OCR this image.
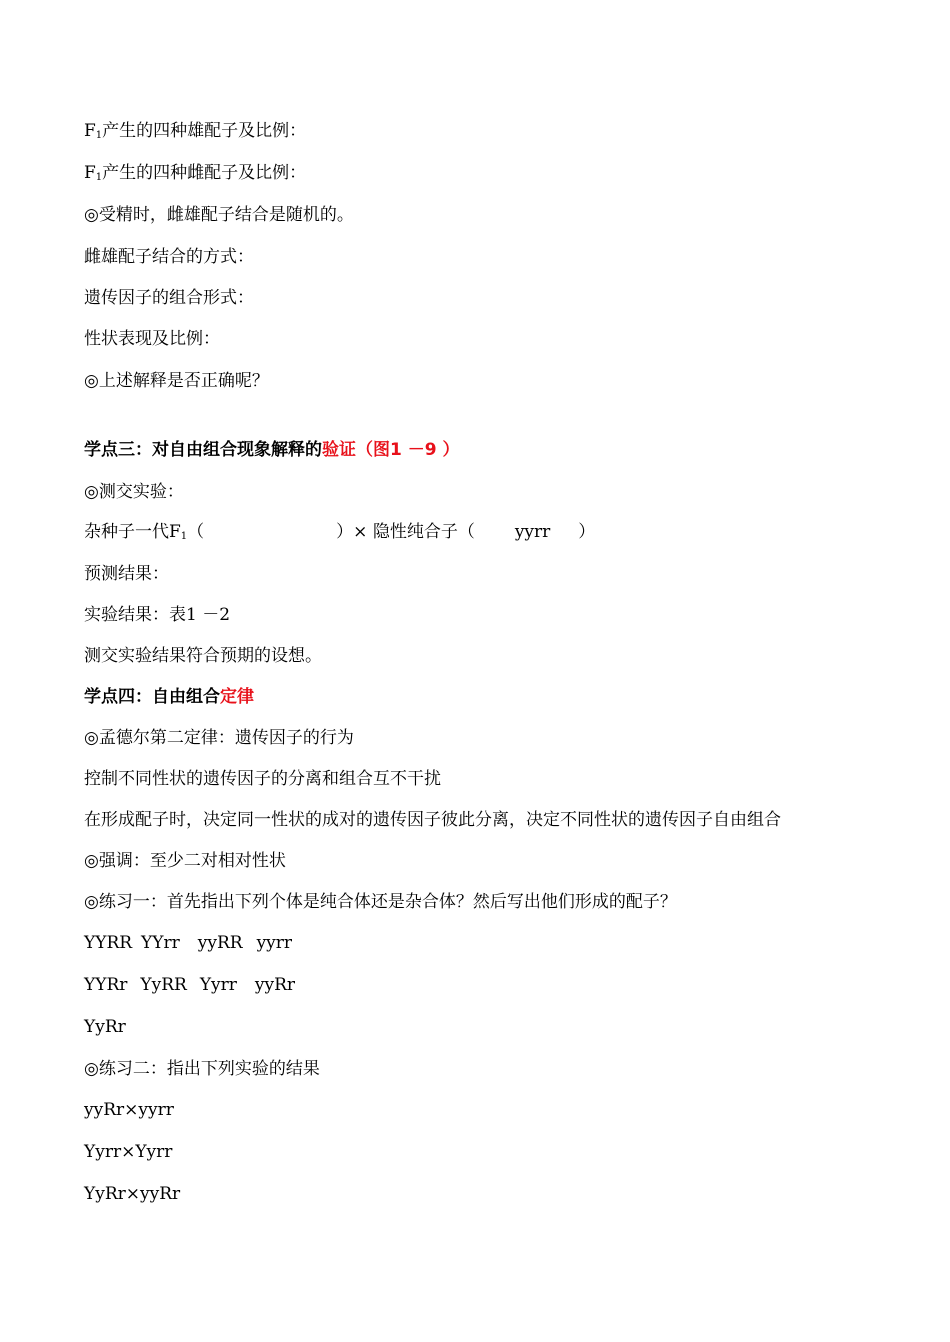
$F_1$产生的四种雄配子及比例：
$F_1$产生的四种雌配子及比例：
◎受精时，雌雄配子结合是随机的。
雌雄配子结合的方式：
遗传因子的组合形式：
性状表现及比例：
◎上述解释是否正确呢？
学点三：对自由组合现象解释的验证（图1 －9 ）
◎测交实验：
杂种子一代$F_1$（	）× 隐性纯合子（ yyrr ）
预测结果：
实验结果：表1 －2
测交实验结果符合预期的设想。
学点四：自由组合定律
◎孟德尔第二定律：遗传因子的行为
控制不同性状的遗传因子的分离和组合互不干扰
在形成配子时，决定同一性状的成对的遗传因子彼此分离，决定不同性状的遗传因子自由组合
◎强调：至少二对相对性状
◎练习一：首先指出下列个体是纯合体还是杂合体？然后写出他们形成的配子？
YYRR YYrr yyRR yyrr
YYRr YyRR Yyrr yyRr
YyRr
◎练习二：指出下列实验的结果
yyRr×yyrr
Yyrr×Yyrr
YyRr×yyRr
